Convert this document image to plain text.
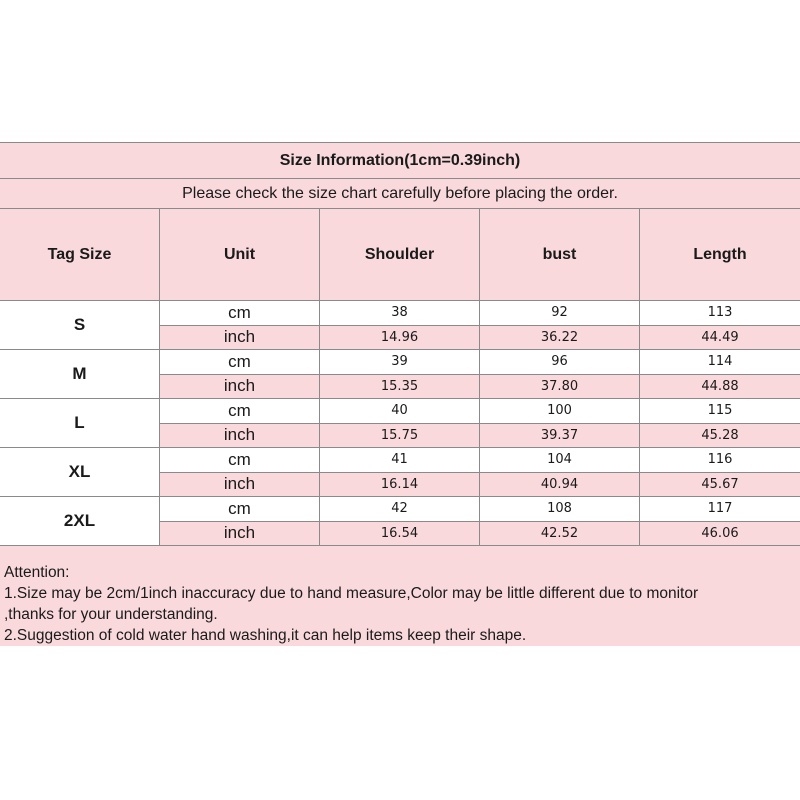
Size Information(1cm=0.39inch)
Please check the size chart carefully before placing the order.
Tag Size	Unit	Shoulder	bust	Length
S
cm	38	92	113
inch	14.96	36.22	44.49
M
cm	39	96	114
inch	15.35	37.80	44.88
L
cm	40	100	115
inch	15.75	39.37	45.28
XL
cm	41	104	116
inch	16.14	40.94	45.67
2XL
cm	42	108	117
inch	16.54	42.52	46.06
Attention:
1.Size may be 2cm/1inch inaccuracy due to hand measure,Color may be little different due to monitor
,thanks for your understanding.
2.Suggestion of cold water hand washing,it can help items keep their shape.
